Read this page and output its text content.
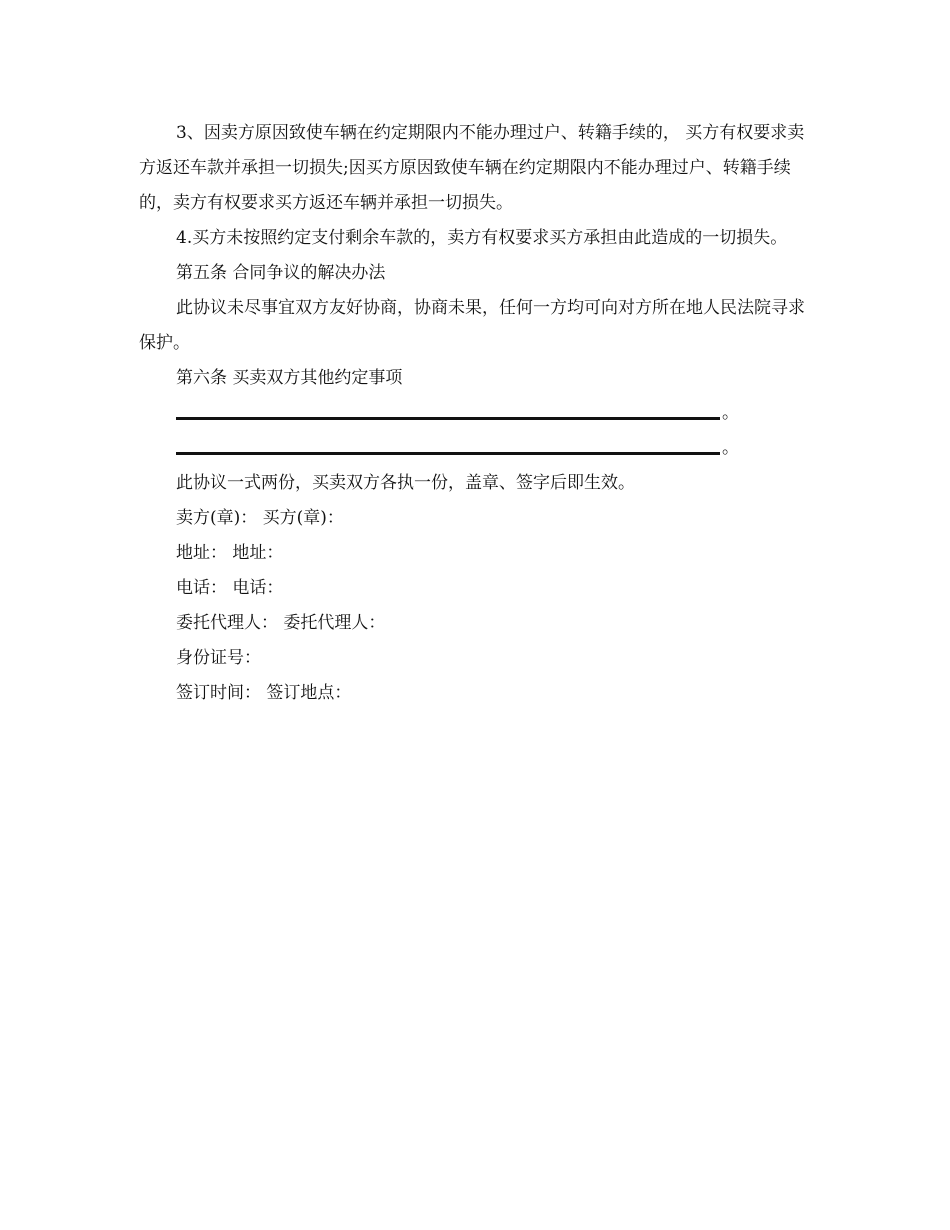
3、因卖方原因致使车辆在约定期限内不能办理过户、转籍手续的， 买方有权要求卖方返还车款并承担一切损失;因买方原因致使车辆在约定期限内不能办理过户、转籍手续的，卖方有权要求买方返还车辆并承担一切损失。

4.买方未按照约定支付剩余车款的，卖方有权要求买方承担由此造成的一切损失。

第五条 合同争议的解决办法

此协议未尽事宜双方友好协商，协商未果，任何一方均可向对方所在地人民法院寻求保护。

第六条 买卖双方其他约定事项

。
。

此协议一式两份，买卖双方各执一份，盖章、签字后即生效。

卖方(章)： 买方(章)：

地址： 地址：

电话： 电话：

委托代理人： 委托代理人：

身份证号：

签订时间： 签订地点：
